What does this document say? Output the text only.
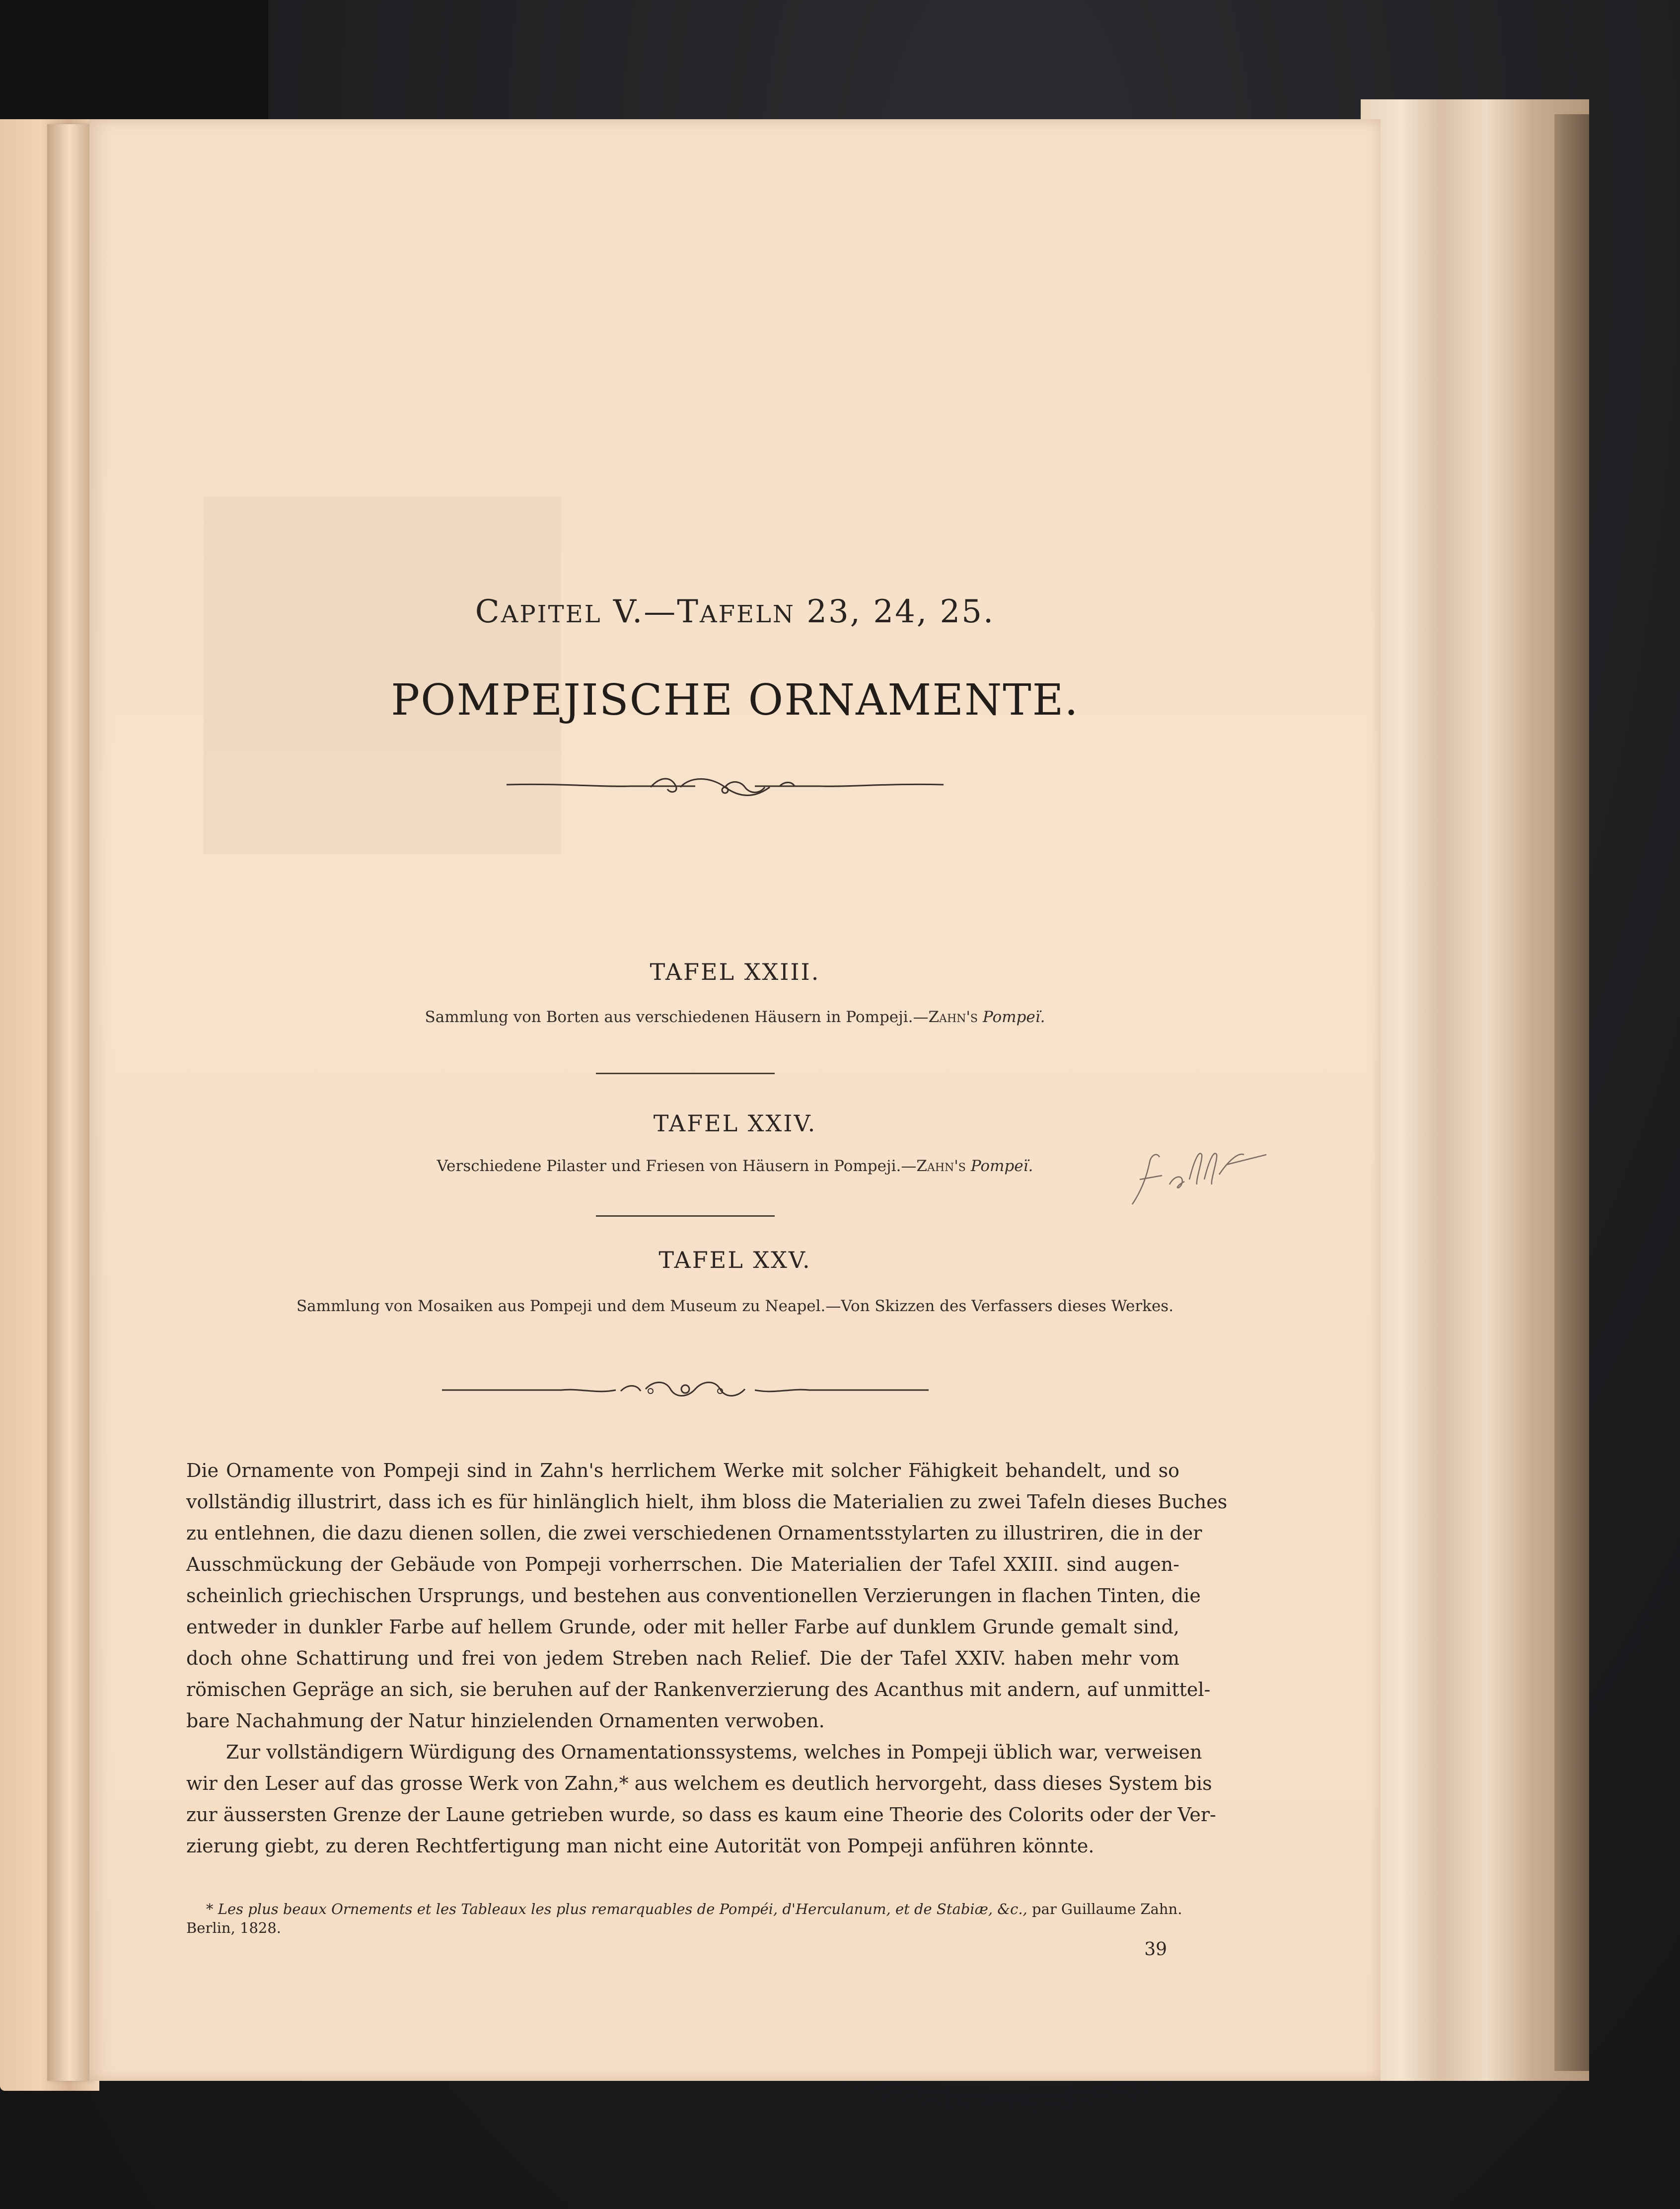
CAPITEL V.—TAFELN 23, 24, 25.
POMPEJISCHE ORNAMENTE.
TAFEL XXIII.
Sammlung von Borten aus verschiedenen Häusern in Pompeji.—Zahn's Pompeï.
TAFEL XXIV.
Verschiedene Pilaster und Friesen von Häusern in Pompeji.—Zahn's Pompeï.
fehlt
TAFEL XXV.
Sammlung von Mosaiken aus Pompeji und dem Museum zu Neapel.—Von Skizzen des Verfassers dieses Werkes.
Die Ornamente von Pompeji sind in Zahn's herrlichem Werke mit solcher Fähigkeit behandelt, und so
vollständig illustrirt, dass ich es für hinlänglich hielt, ihm bloss die Materialien zu zwei Tafeln dieses Buches
zu entlehnen, die dazu dienen sollen, die zwei verschiedenen Ornamentsstylarten zu illustriren, die in der
Ausschmückung der Gebäude von Pompeji vorherrschen. Die Materialien der Tafel XXIII. sind augen-
scheinlich griechischen Ursprungs, und bestehen aus conventionellen Verzierungen in flachen Tinten, die
entweder in dunkler Farbe auf hellem Grunde, oder mit heller Farbe auf dunklem Grunde gemalt sind,
doch ohne Schattirung und frei von jedem Streben nach Relief. Die der Tafel XXIV. haben mehr vom
römischen Gepräge an sich, sie beruhen auf der Rankenverzierung des Acanthus mit andern, auf unmittel-
bare Nachahmung der Natur hinzielenden Ornamenten verwoben.
Zur vollständigern Würdigung des Ornamentationssystems, welches in Pompeji üblich war, verweisen
wir den Leser auf das grosse Werk von Zahn,* aus welchem es deutlich hervorgeht, dass dieses System bis
zur äussersten Grenze der Laune getrieben wurde, so dass es kaum eine Theorie des Colorits oder der Ver-
zierung giebt, zu deren Rechtfertigung man nicht eine Autorität von Pompeji anführen könnte.
* Les plus beaux Ornements et les Tableaux les plus remarquables de Pompéi, d'Herculanum, et de Stabiæ, &c., par Guillaume Zahn.
Berlin, 1828.
39
